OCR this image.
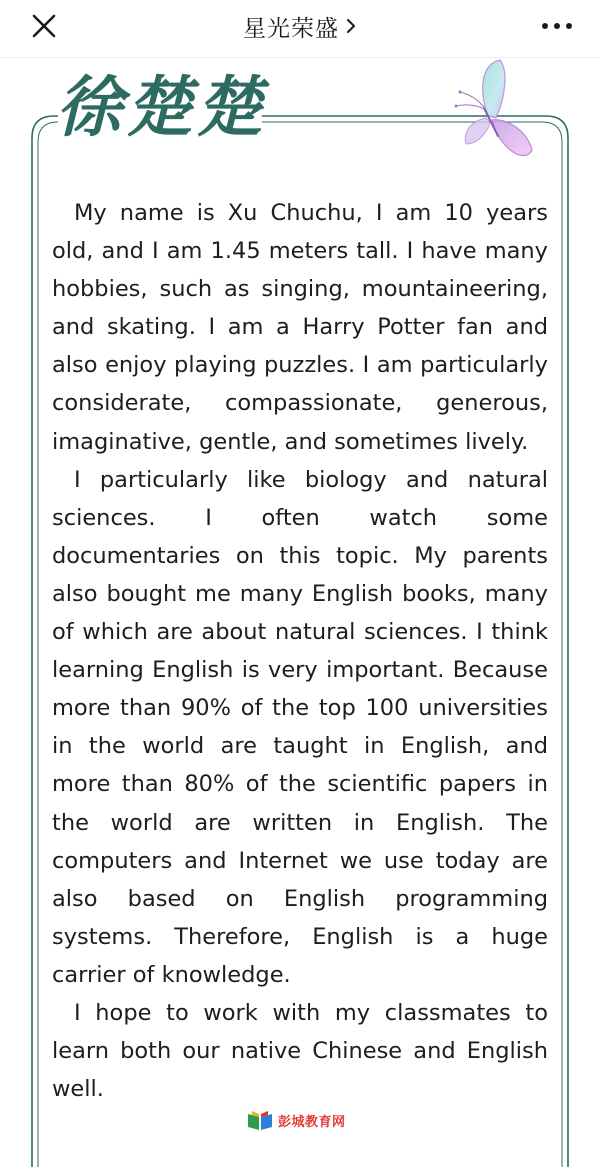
星光荣盛
徐楚楚

My name is Xu Chuchu, I am 10 years old, and I am 1.45 meters tall. I have many hobbies, such as singing, mountaineering, and skating. I am a Harry Potter fan and also enjoy playing puzzles. I am particularly considerate, compassionate, generous, imaginative, gentle, and sometimes lively.

I particularly like biology and natural sciences. I often watch some documentaries on this topic. My parents also bought me many English books, many of which are about natural sciences. I think learning English is very important. Because more than 90% of the top 100 universities in the world are taught in English, and more than 80% of the scientific papers in the world are written in English. The computers and Internet we use today are also based on English programming systems. Therefore, English is a huge carrier of knowledge.

I hope to work with my classmates to learn both our native Chinese and English well.

彭城教育网
